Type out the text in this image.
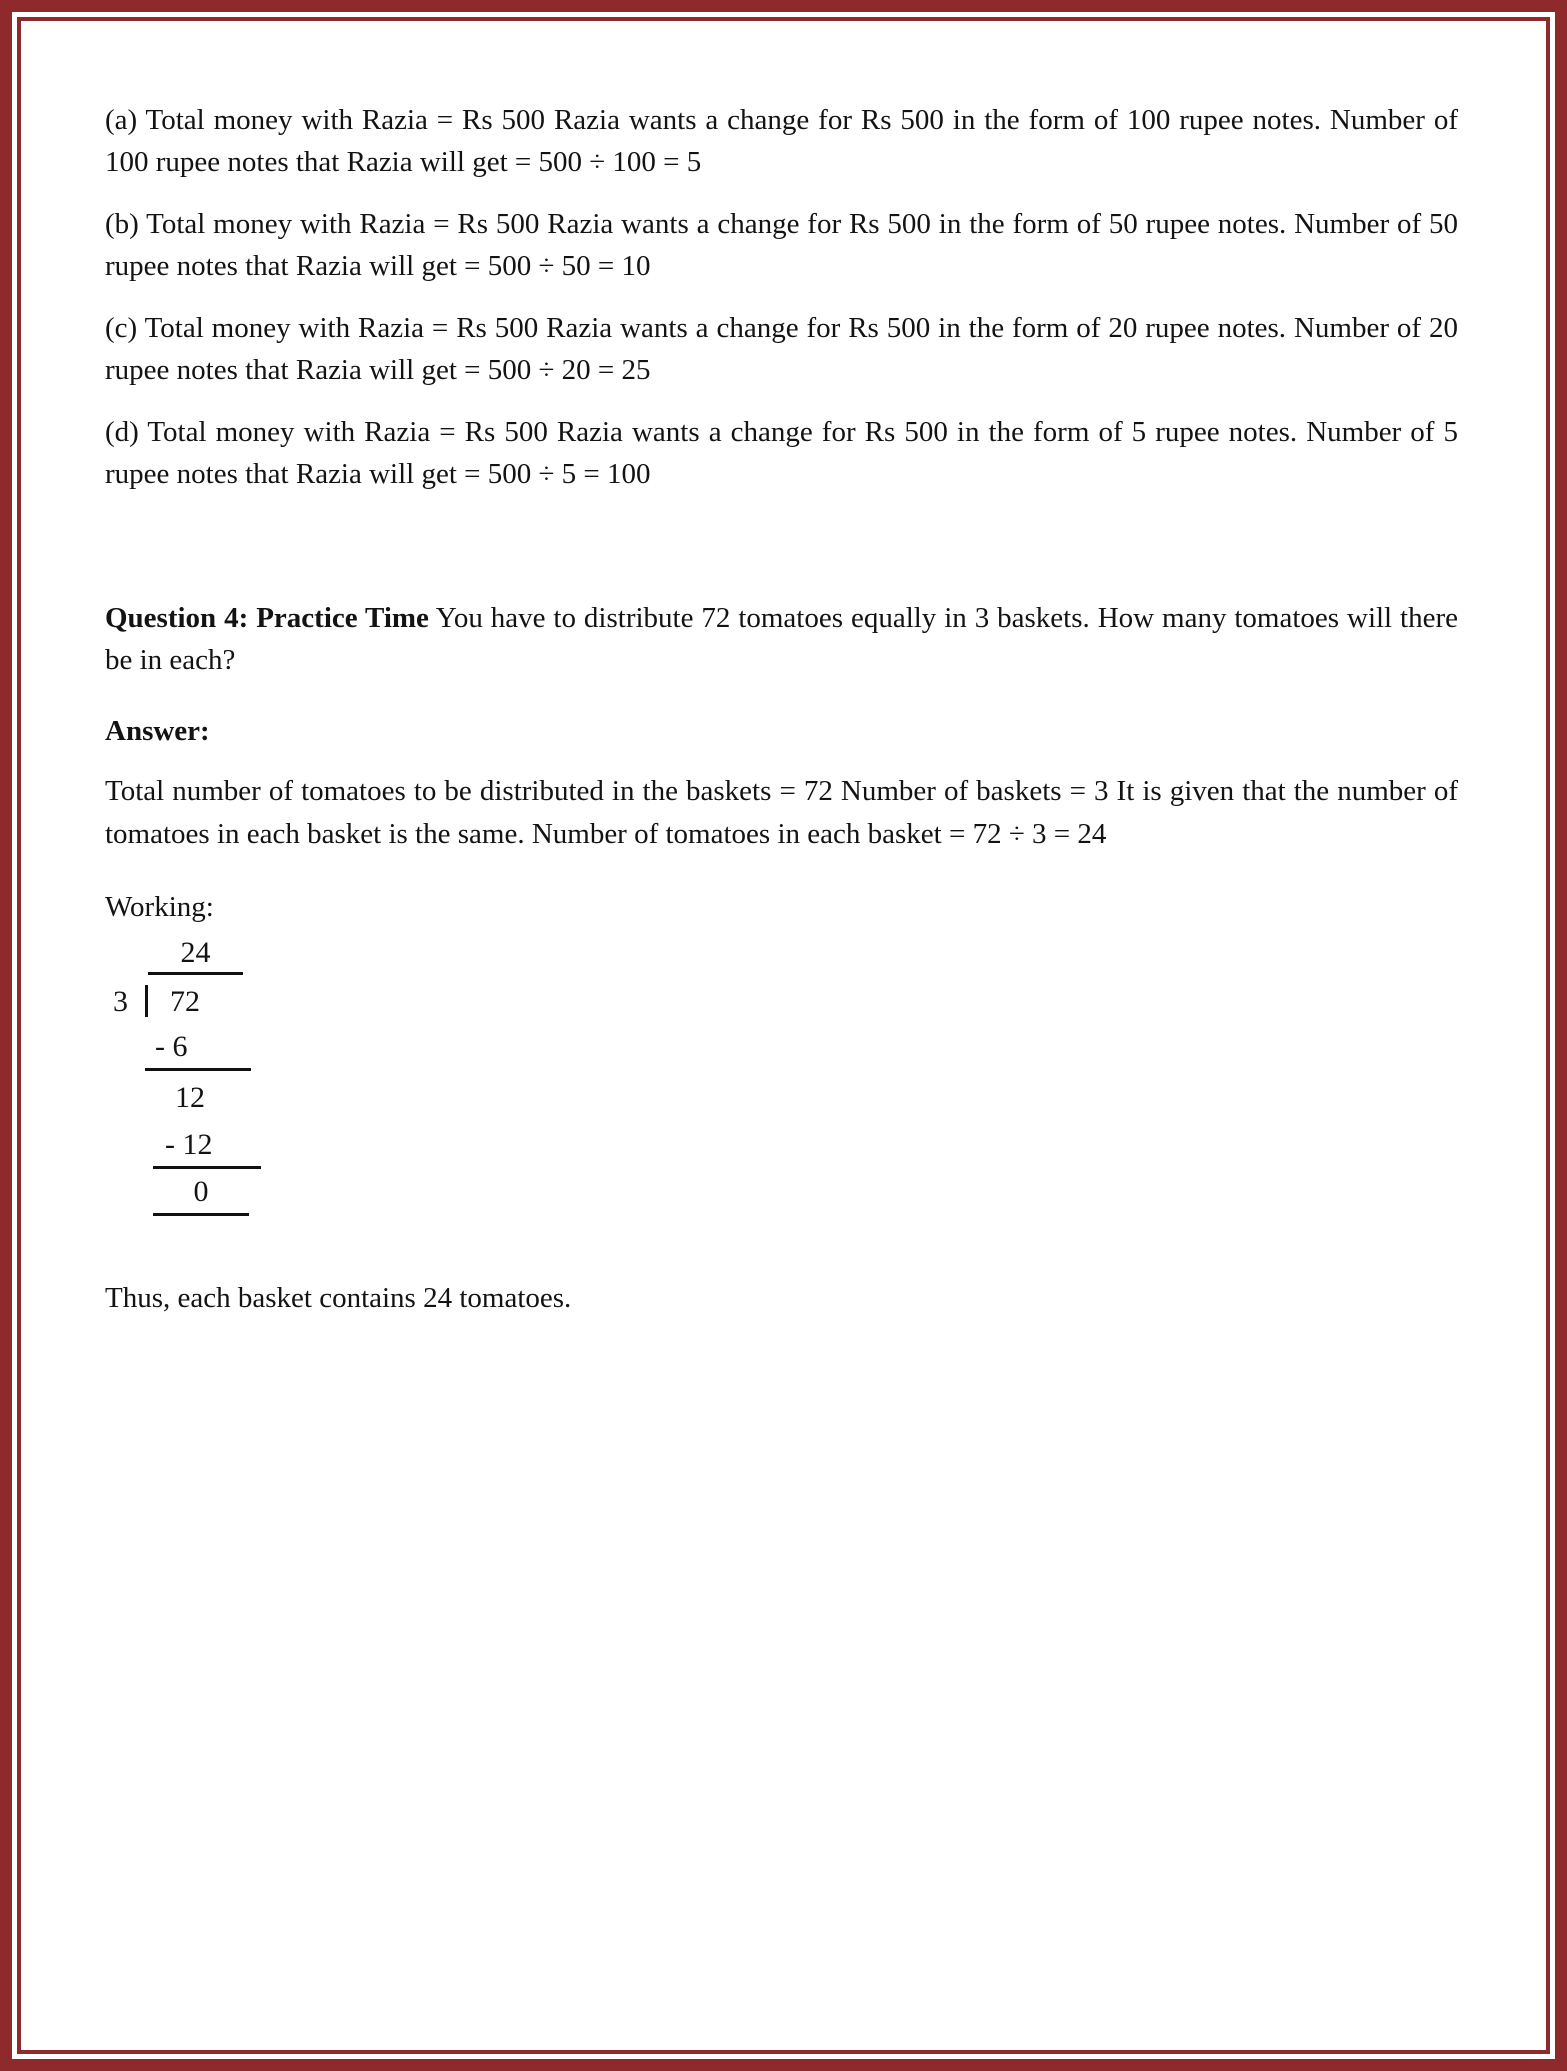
(a) Total money with Razia = Rs 500 Razia wants a change for Rs 500 in the form of 100 rupee notes. Number of 100 rupee notes that Razia will get = 500 ÷ 100 = 5

(b) Total money with Razia = Rs 500 Razia wants a change for Rs 500 in the form of 50 rupee notes. Number of 50 rupee notes that Razia will get = 500 ÷ 50 = 10

(c) Total money with Razia = Rs 500 Razia wants a change for Rs 500 in the form of 20 rupee notes. Number of 20 rupee notes that Razia will get = 500 ÷ 20 = 25

(d) Total money with Razia = Rs 500 Razia wants a change for Rs 500 in the form of 5 rupee notes. Number of 5 rupee notes that Razia will get = 500 ÷ 5 = 100

Question 4: Practice Time You have to distribute 72 tomatoes equally in 3 baskets. How many tomatoes will there be in each?

Answer:

Total number of tomatoes to be distributed in the baskets = 72 Number of baskets = 3 It is given that the number of tomatoes in each basket is the same. Number of tomatoes in each basket = 72 ÷ 3 = 24

Working:

24
3 72
- 6
12
- 12
0

Thus, each basket contains 24 tomatoes.
